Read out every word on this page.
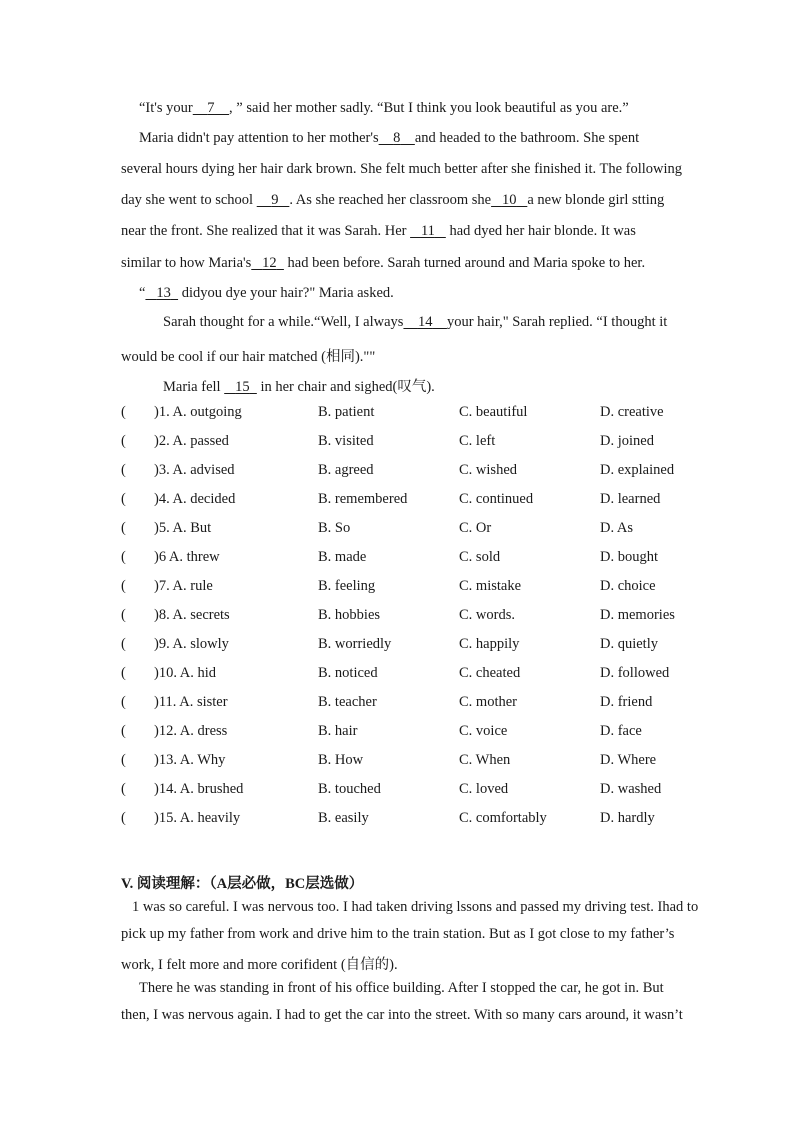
“It's your 7 , ” said her mother sadly. “But I think you look beautiful as you are.”
Maria didn't pay attention to her mother's 8 and headed to the bathroom. She spent
several hours dying her hair dark brown. She felt much better after she finished it. The following
day she went to school     9 . As she reached her classroom she 10 a new blonde girl stting
near the front. She realized that it was Sarah. Her    11    had dyed her hair blonde. It was
similar to how Maria's 12   had been before. Sarah turned around and Maria spoke to her.
“ 13   didyou dye your hair?" Maria asked.
Sarah thought for a while.“Well, I always 14 your hair," Sarah replied. “I thought it
would be cool if our hair matched (相同).""
Maria fell    15   in her chair and sighed(叹气).
( )1. A. outgoing	B. patient	C. beautiful	D. creative
( )2. A. passed	B. visited	C. left	D. joined
( )3. A. advised	B. agreed	C. wished	D. explained
( )4. A. decided	B. remembered	C. continued	D. learned
( )5. A. But	B. So	C. Or	D. As
( )6 A. threw	B. made	C. sold	D. bought
( )7. A. rule	B. feeling	C. mistake	D. choice
( )8. A. secrets	B. hobbies	C. words.	D. memories
( )9. A. slowly	B. worriedly	C. happily	D. quietly
( )10. A. hid	B. noticed	C. cheated	D. followed
( )11. A. sister	B. teacher	C. mother	D. friend
( )12. A. dress	B. hair	C. voice	D. face
( )13. A. Why	B. How	C. When	D. Where
( )14. A. brushed	B. touched	C. loved	D. washed
( )15. A. heavily	B. easily	C. comfortably	D. hardly
V. 阅读理解：（A层必做，BC层选做）
1 was so careful. I was nervous too. I had taken driving lssons and passed my driving test. Ihad to
pick up my father from work and drive him to the train station. But as I got close to my father’s
work, I felt more and more corifident (自信的).
There he was standing in front of his office building. After I stopped the car, he got in. But
then, I was nervous again. I had to get the car into the street. With so many cars around, it wasn’t
